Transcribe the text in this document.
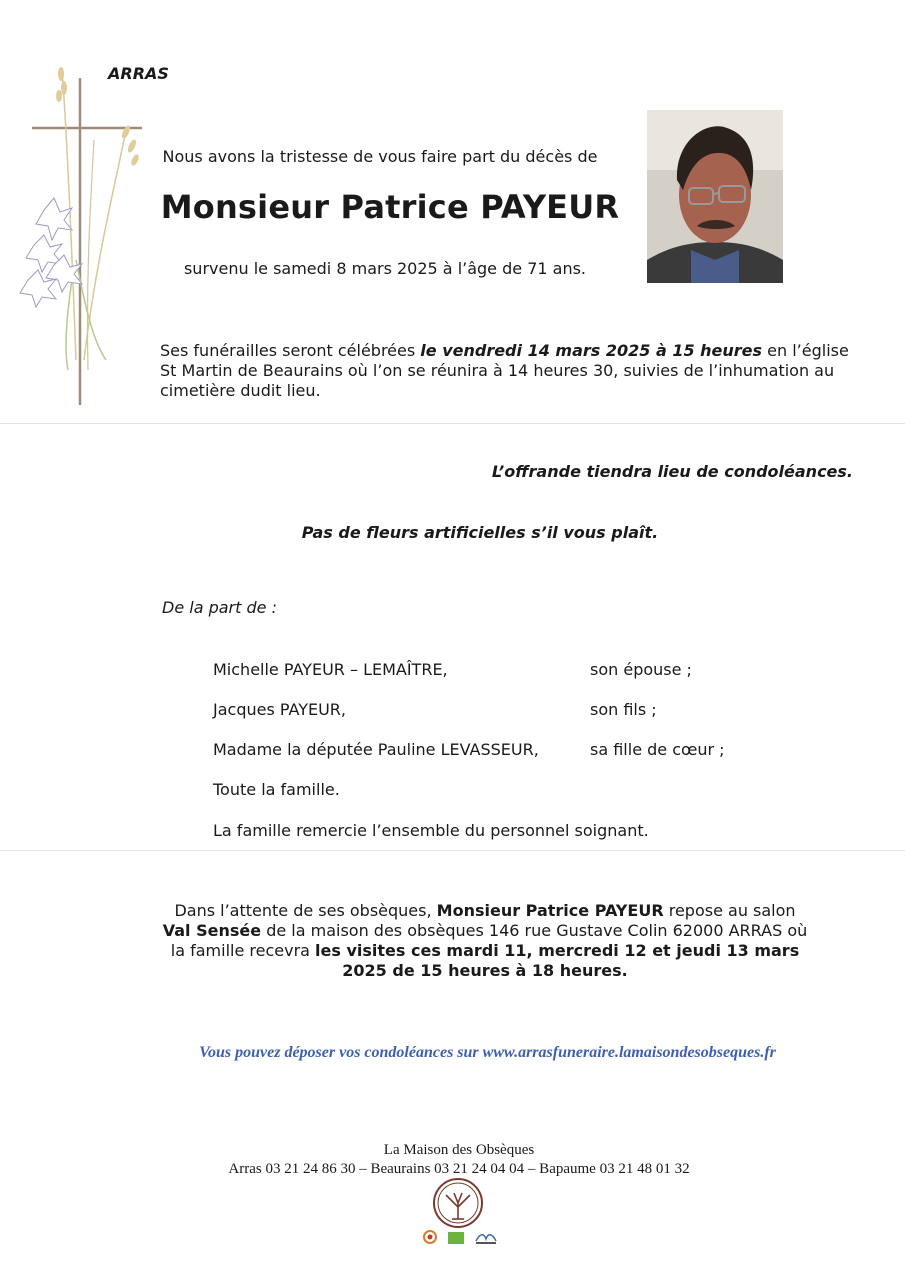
ARRAS
Nous avons la tristesse de vous faire part du décès de
Monsieur Patrice PAYEUR
survenu le samedi 8 mars 2025 à l’âge de 71 ans.
Ses funérailles seront célébrées le vendredi 14 mars 2025 à 15 heures en l’église St Martin de Beaurains où l’on se réunira à 14 heures 30, suivies de l’inhumation au cimetière dudit lieu.
L’offrande tiendra lieu de condoléances.
Pas de fleurs artificielles s’il vous plaît.
De la part de :
Michelle PAYEUR – LEMAÎTRE,	son épouse ;
Jacques PAYEUR,	son fils ;
Madame la députée Pauline LEVASSEUR,	sa fille de cœur ;
Toute la famille.
La famille remercie l’ensemble du personnel soignant.
Dans l’attente de ses obsèques, Monsieur Patrice PAYEUR repose au salon Val Sensée de la maison des obsèques 146 rue Gustave Colin 62000 ARRAS où la famille recevra les visites ces mardi 11, mercredi 12 et jeudi 13 mars 2025 de 15 heures à 18 heures.
Vous pouvez déposer vos condoléances sur www.arrasfuneraire.lamaisondesobseques.fr
La Maison des Obsèques
Arras 03 21 24 86 30 – Beaurains 03 21 24 04 04 – Bapaume 03 21 48 01 32
